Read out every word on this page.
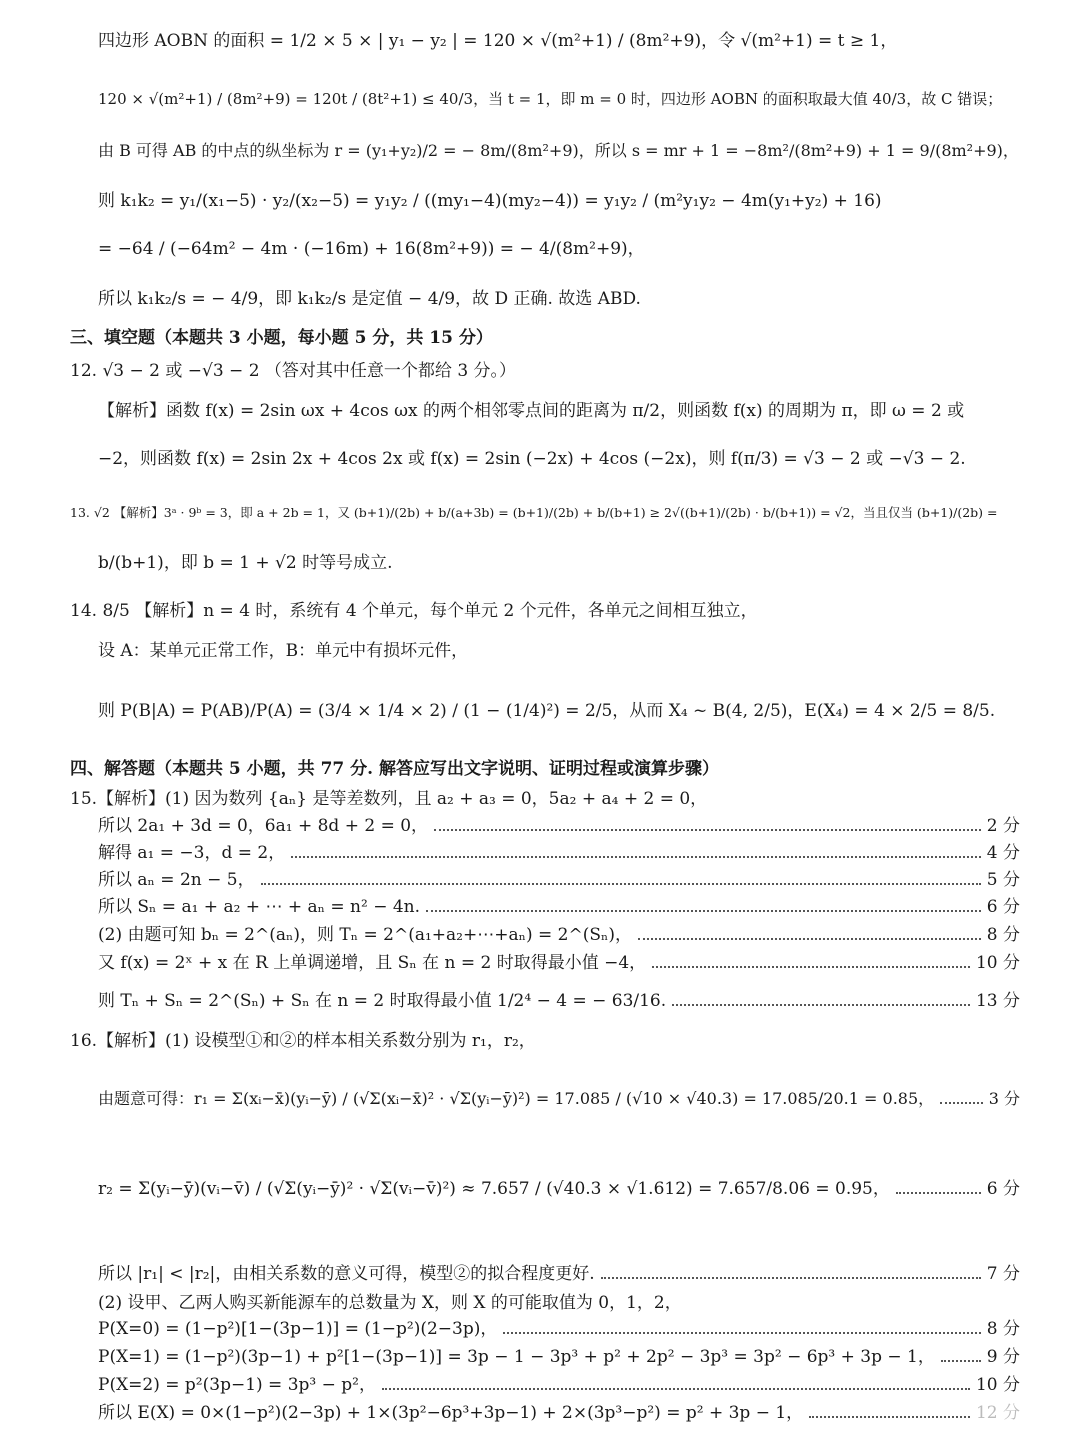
四边形 AOBN 的面积 = 1/2 × 5 × | y₁ − y₂ | = 120 × √(m²+1) / (8m²+9)，令 √(m²+1) = t ≥ 1，
120 × √(m²+1) / (8m²+9) = 120t / (8t²+1) ≤ 40/3，当 t = 1，即 m = 0 时，四边形 AOBN 的面积取最大值 40/3，故 C 错误；
由 B 可得 AB 的中点的纵坐标为 r = (y₁+y₂)/2 = − 8m/(8m²+9)，所以 s = mr + 1 = −8m²/(8m²+9) + 1 = 9/(8m²+9)，
则 k₁k₂ = y₁/(x₁−5) · y₂/(x₂−5) = y₁y₂ / ((my₁−4)(my₂−4)) = y₁y₂ / (m²y₁y₂ − 4m(y₁+y₂) + 16)
= −64 / (−64m² − 4m · (−16m) + 16(8m²+9)) = − 4/(8m²+9)，
所以 k₁k₂/s = − 4/9，即 k₁k₂/s 是定值 − 4/9，故 D 正确. 故选 ABD.
三、填空题（本题共 3 小题，每小题 5 分，共 15 分）
12. √3 − 2 或 −√3 − 2 （答对其中任意一个都给 3 分。）
【解析】函数 f(x) = 2sin ωx + 4cos ωx 的两个相邻零点间的距离为 π/2，则函数 f(x) 的周期为 π，即 ω = 2 或
−2，则函数 f(x) = 2sin 2x + 4cos 2x 或 f(x) = 2sin (−2x) + 4cos (−2x)，则 f(π/3) = √3 − 2 或 −√3 − 2.
13. √2 【解析】3ᵃ · 9ᵇ = 3，即 a + 2b = 1，又 (b+1)/(2b) + b/(a+3b) = (b+1)/(2b) + b/(b+1) ≥ 2√((b+1)/(2b) · b/(b+1)) = √2，当且仅当 (b+1)/(2b) =
b/(b+1)，即 b = 1 + √2 时等号成立.
14. 8/5 【解析】n = 4 时，系统有 4 个单元，每个单元 2 个元件，各单元之间相互独立，
设 A：某单元正常工作，B：单元中有损坏元件，
则 P(B|A) = P(AB)/P(A) = (3/4 × 1/4 × 2) / (1 − (1/4)²) = 2/5，从而 X₄ ~ B(4, 2/5)，E(X₄) = 4 × 2/5 = 8/5.
四、解答题（本题共 5 小题，共 77 分. 解答应写出文字说明、证明过程或演算步骤）
15.【解析】(1) 因为数列 {aₙ} 是等差数列，且 a₂ + a₃ = 0，5a₂ + a₄ + 2 = 0，
所以 2a₁ + 3d = 0，6a₁ + 8d + 2 = 0，	2 分
解得 a₁ = −3，d = 2，	4 分
所以 aₙ = 2n − 5，	5 分
所以 Sₙ = a₁ + a₂ + ⋯ + aₙ = n² − 4n.	6 分
(2) 由题可知 bₙ = 2^(aₙ)，则 Tₙ = 2^(a₁+a₂+⋯+aₙ) = 2^(Sₙ)，	8 分
又 f(x) = 2ˣ + x 在 R 上单调递增，且 Sₙ 在 n = 2 时取得最小值 −4，	10 分
则 Tₙ + Sₙ = 2^(Sₙ) + Sₙ 在 n = 2 时取得最小值 1/2⁴ − 4 = − 63/16.	13 分
16.【解析】(1) 设模型①和②的样本相关系数分别为 r₁，r₂，
由题意可得：r₁ = Σ(xᵢ−x̄)(yᵢ−ȳ) / (√Σ(xᵢ−x̄)² · √Σ(yᵢ−ȳ)²) = 17.085 / (√10 × √40.3) = 17.085/20.1 = 0.85，	3 分
r₂ = Σ(yᵢ−ȳ)(vᵢ−v̄) / (√Σ(yᵢ−ȳ)² · √Σ(vᵢ−v̄)²) ≈ 7.657 / (√40.3 × √1.612) = 7.657/8.06 = 0.95，	6 分
所以 |r₁| < |r₂|，由相关系数的意义可得，模型②的拟合程度更好.	7 分
(2) 设甲、乙两人购买新能源车的总数量为 X，则 X 的可能取值为 0，1，2，
P(X=0) = (1−p²)[1−(3p−1)] = (1−p²)(2−3p)，	8 分
P(X=1) = (1−p²)(3p−1) + p²[1−(3p−1)] = 3p − 1 − 3p³ + p² + 2p² − 3p³ = 3p² − 6p³ + 3p − 1，	9 分
P(X=2) = p²(3p−1) = 3p³ − p²，	10 分
所以 E(X) = 0×(1−p²)(2−3p) + 1×(3p²−6p³+3p−1) + 2×(3p³−p²) = p² + 3p − 1，	12 分
